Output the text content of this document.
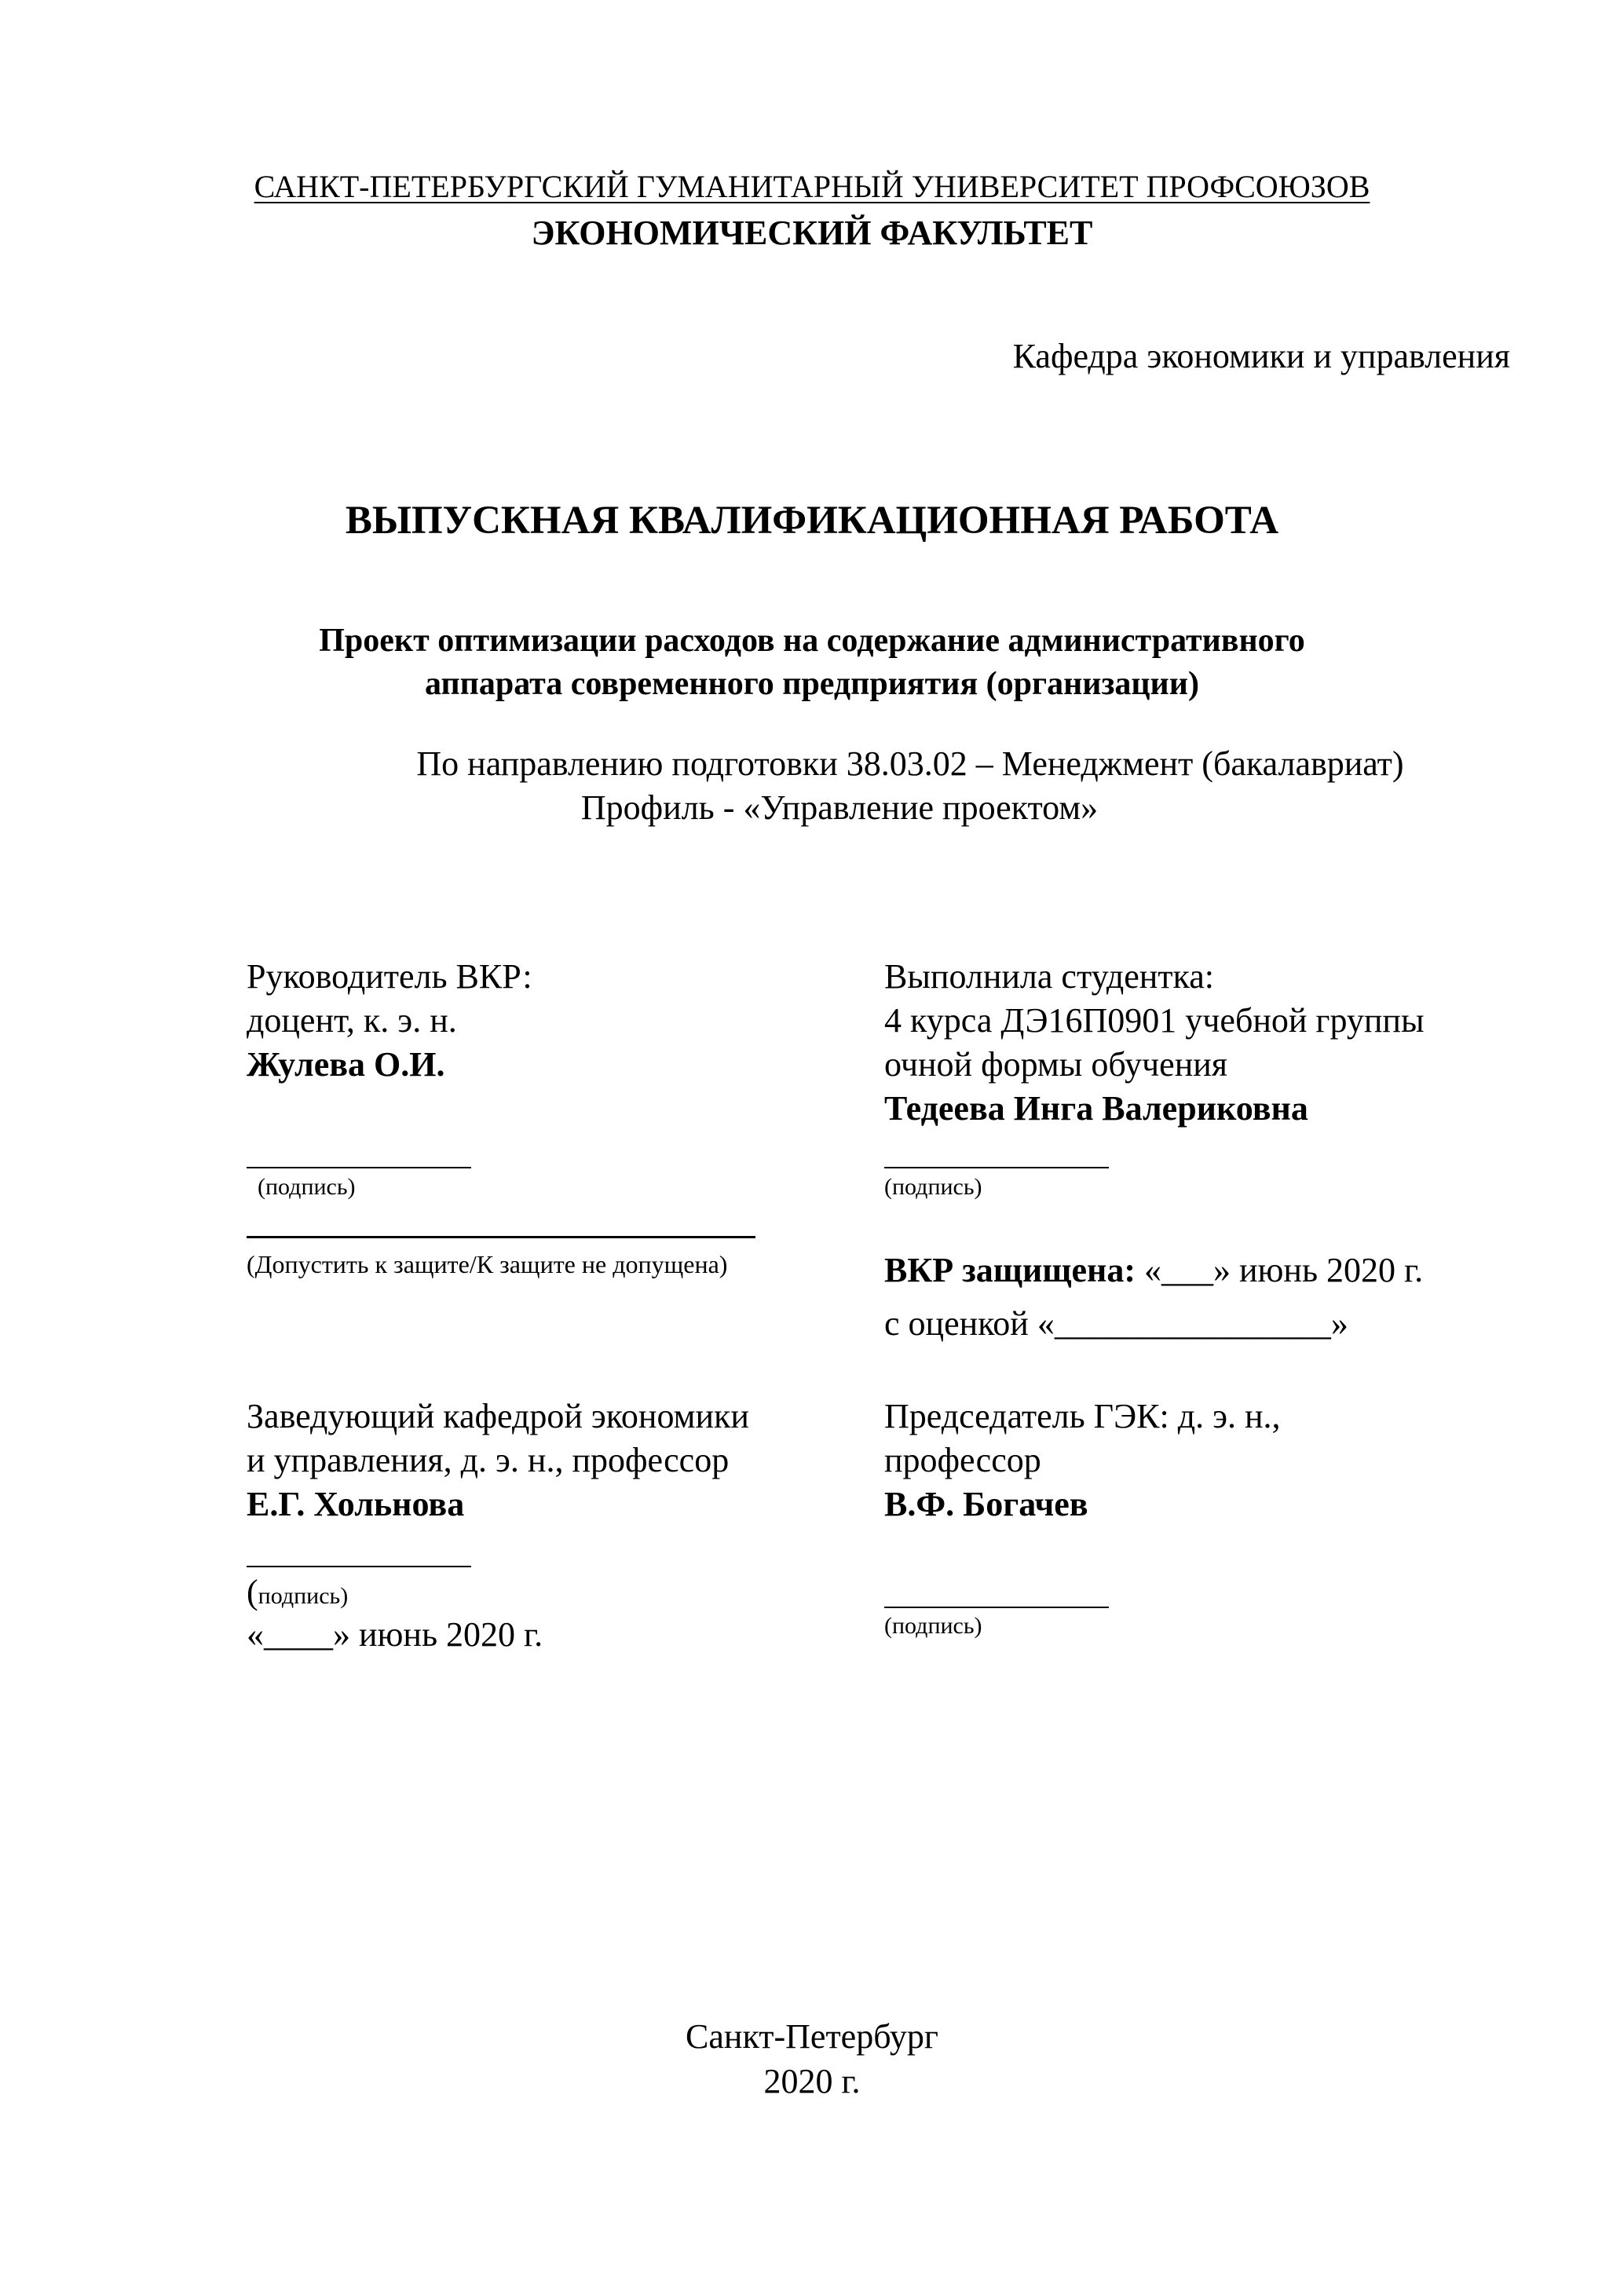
САНКТ-ПЕТЕРБУРГСКИЙ ГУМАНИТАРНЫЙ УНИВЕРСИТЕТ ПРОФСОЮЗОВ
ЭКОНОМИЧЕСКИЙ ФАКУЛЬТЕТ
Кафедра экономики и управления
ВЫПУСКНАЯ КВАЛИФИКАЦИОННАЯ РАБОТА
Проект оптимизации расходов на содержание административного
аппарата современного предприятия (организации)
По направлению подготовки 38.03.02 – Менеджмент (бакалавриат)
Профиль - «Управление проектом»
Руководитель ВКР:
доцент, к. э. н.
Жулева О.И.
(подпись)
(Допустить к защите/К защите не допущена)
Выполнила студентка:
4 курса ДЭ16П0901 учебной группы
очной формы обучения
Тедеева Инга Валериковна
(подпись)
ВКР защищена: «___» июнь 2020 г.
с оценкой «________________»
Заведующий кафедрой экономики
и управления, д. э. н., профессор
Е.Г. Хольнова
(подпись)
«____» июнь 2020 г.
Председатель ГЭК: д. э. н.,
профессор
В.Ф. Богачев
(подпись)
Санкт-Петербург
2020 г.
